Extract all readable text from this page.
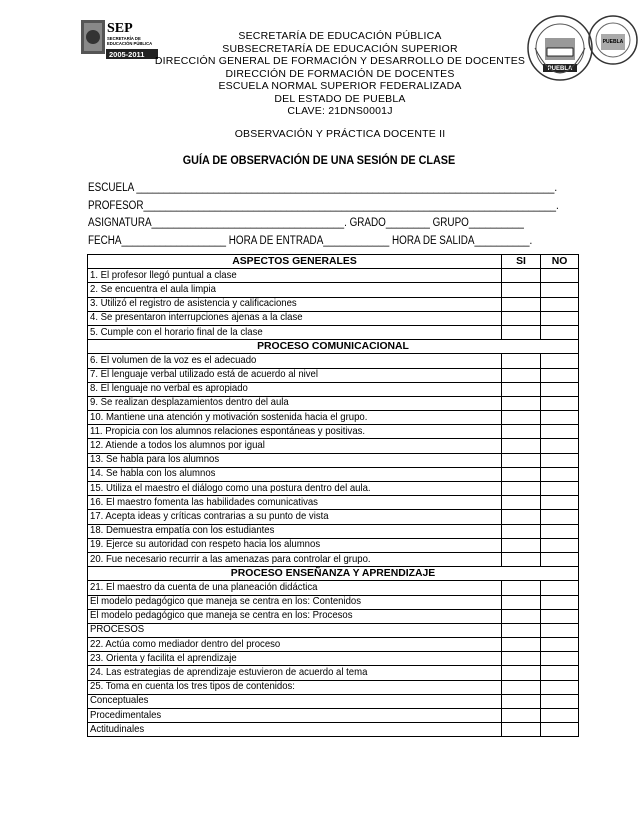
SEP
SECRETARÍA DE
EDUCACIÓN PÚBLICA
2005-2011
PUEBLA
PUEBLA
SECRETARÍA DE EDUCACIÓN PÚBLICA
SUBSECRETARÍA DE EDUCACIÓN SUPERIOR
DIRECCIÓN GENERAL DE FORMACIÓN Y DESARROLLO DE DOCENTES
DIRECCIÓN DE FORMACIÓN DE DOCENTES
ESCUELA NORMAL SUPERIOR FEDERALIZADA
DEL ESTADO DE PUEBLA
CLAVE: 21DNS0001J
OBSERVACIÓN Y PRÁCTICA DOCENTE II
GUÍA DE OBSERVACIÓN DE UNA SESIÓN DE CLASE
ESCUELA ____________________________________________________________________________.
PROFESOR___________________________________________________________________________.
ASIGNATURA___________________________________. GRADO________ GRUPO__________
FECHA___________________ HORA DE ENTRADA____________ HORA DE SALIDA__________.
ASPECTOS GENERALES	SI	NO
1. El profesor llegó puntual a clase		
2. Se encuentra el aula limpia		
3. Utilizó el registro de asistencia y calificaciones		
4. Se presentaron interrupciones ajenas a la clase		
5. Cumple con el horario final de la clase		
PROCESO COMUNICACIONAL		
6. El volumen de la voz es el adecuado		
7. El lenguaje verbal utilizado está de acuerdo al nivel		
8. El lenguaje no verbal es apropiado		
9. Se realizan desplazamientos dentro del aula		
10. Mantiene una atención y motivación sostenida hacia el grupo.		
11. Propicia con los alumnos relaciones espontáneas y positivas.		
12. Atiende a todos los alumnos por igual		
13. Se habla para los alumnos		
14. Se habla con los alumnos		
15. Utiliza el maestro el diálogo como una postura dentro del aula.		
16. El maestro fomenta las habilidades comunicativas		
17. Acepta ideas y críticas contrarias a su punto de vista		
18. Demuestra empatía con los estudiantes		
19. Ejerce su autoridad con respeto hacia los alumnos		
20. Fue necesario recurrir a las amenazas para controlar el grupo.		
PROCESO ENSEÑANZA Y APRENDIZAJE		
21. El maestro da cuenta de una planeación didáctica		
El modelo pedagógico que maneja se centra en los: Contenidos		
El modelo pedagógico que maneja se centra en los: Procesos		
PROCESOS		
22. Actúa como mediador dentro del proceso		
23. Orienta y facilita el aprendizaje		
24. Las estrategias de aprendizaje estuvieron de acuerdo al tema		
25. Toma en cuenta los tres tipos de contenidos:		
Conceptuales		
Procedimentales		
Actitudinales		
